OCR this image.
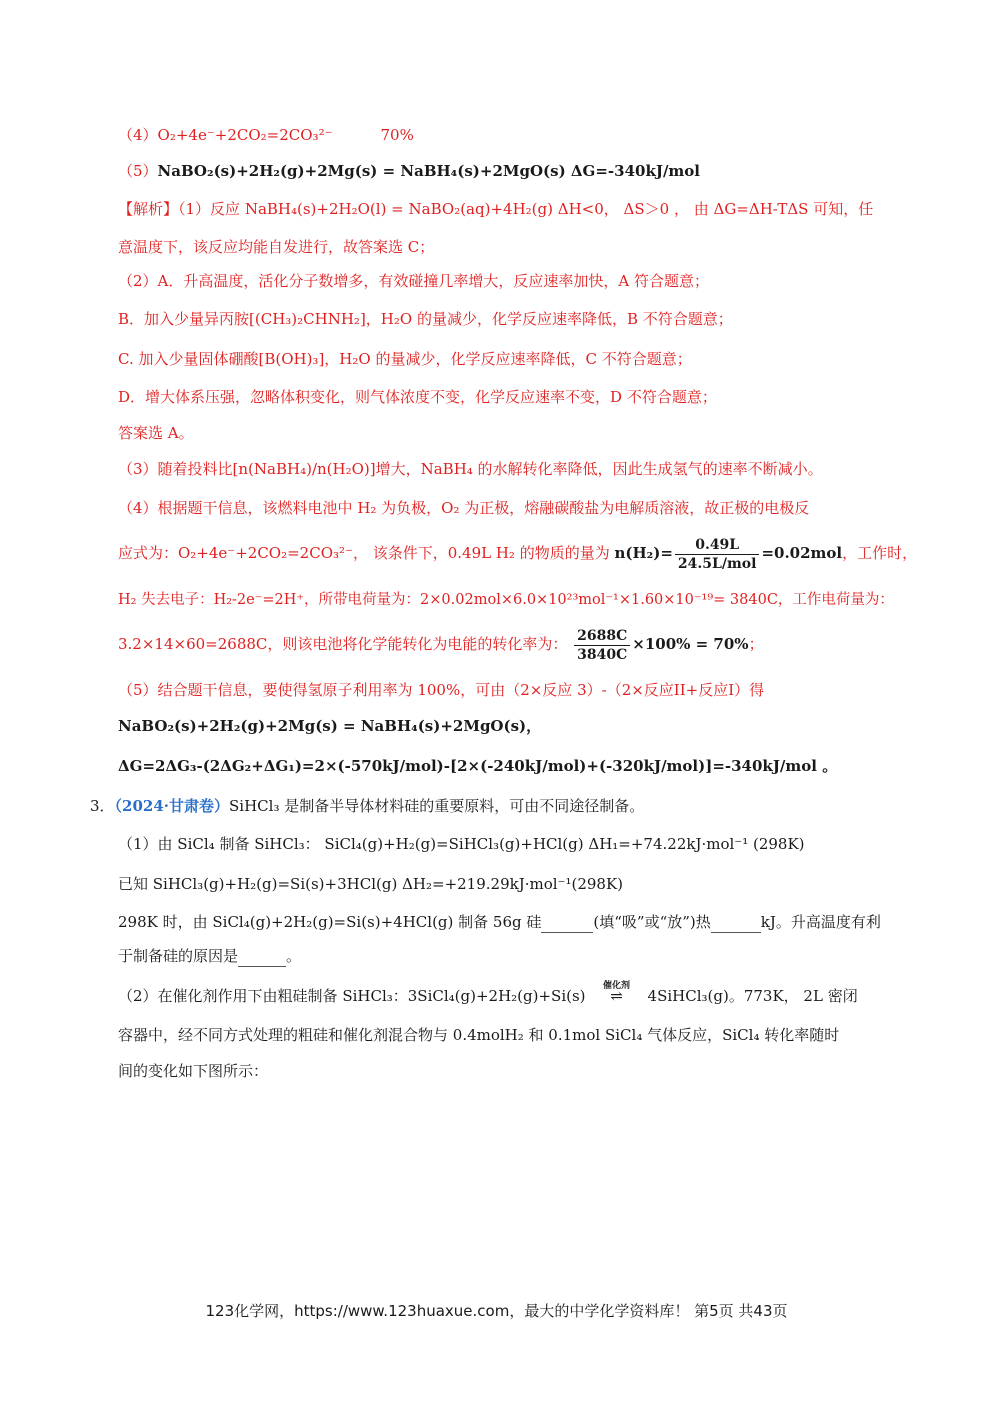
（4）O₂+4e⁻+2CO₂=2CO₃²⁻	70%
（5）NaBO₂(s)+2H₂(g)+2Mg(s) = NaBH₄(s)+2MgO(s) ΔG=-340kJ/mol
【解析】（1）反应 NaBH₄(s)+2H₂O(l) = NaBO₂(aq)+4H₂(g) ΔH<0， ΔS＞0 ， 由 ΔG=ΔH-TΔS 可知，任
意温度下，该反应均能自发进行，故答案选 C；
（2）A．升高温度，活化分子数增多，有效碰撞几率增大，反应速率加快，A 符合题意；
B．加入少量异丙胺[(CH₃)₂CHNH₂]，H₂O 的量减少，化学反应速率降低，B 不符合题意；
C. 加入少量固体硼酸[B(OH)₃]，H₂O 的量减少，化学反应速率降低，C 不符合题意；
D．增大体系压强，忽略体积变化，则气体浓度不变，化学反应速率不变，D 不符合题意；
答案选 A。
（3）随着投料比[n(NaBH₄)/n(H₂O)]增大，NaBH₄ 的水解转化率降低，因此生成氢气的速率不断减小。
（4）根据题干信息，该燃料电池中 H₂ 为负极，O₂ 为正极，熔融碳酸盐为电解质溶液，故正极的电极反
应式为：O₂+4e⁻+2CO₂=2CO₃²⁻， 该条件下，0.49L H₂ 的物质的量为 $n(H_2)= \frac{0.49L}{\text{24.5L/mol}} =0.02mol$，工作时，
H₂ 失去电子：H₂-2e⁻=2H⁺，所带电荷量为：2×0.02mol×6.0×10²³mol⁻¹×1.60×10⁻¹⁹= 3840C，工作电荷量为：
3.2×14×60=2688C，则该电池将化学能转化为电能的转化率为： $\frac{2688C}{3840C} \times 100\% = 70\%$；
（5）结合题干信息，要使得氢原子利用率为 100%，可由（2×反应 3）-（2×反应II+反应I）得
NaBO₂(s)+2H₂(g)+2Mg(s) = NaBH₄(s)+2MgO(s)，
ΔG=2ΔG₃-(2ΔG₂+ΔG₁)=2×(-570kJ/mol)-[2×(-240kJ/mol)+(-320kJ/mol)]=-340kJ/mol 。
3．（2024·甘肃卷）SiHCl₃ 是制备半导体材料硅的重要原料，可由不同途径制备。
（1）由 SiCl₄ 制备 SiHCl₃： SiCl₄(g)+H₂(g)=SiHCl₃(g)+HCl(g) ΔH₁=+74.22kJ·mol⁻¹ (298K)
已知 SiHCl₃(g)+H₂(g)=Si(s)+3HCl(g) ΔH₂=+219.29kJ·mol⁻¹(298K)
298K 时，由 SiCl₄(g)+2H₂(g)=Si(s)+4HCl(g) 制备 56g 硅	(填“吸”或“放”)热	kJ。升高温度有利
于制备硅的原因是	。
（2）在催化剂作用下由粗硅制备 SiHCl₃：3SiCl₄(g)+2H₂(g)+Si(s)
催化剂
⇌ 4SiHCl₃(g)。773K， 2L 密闭
容器中，经不同方式处理的粗硅和催化剂混合物与 0.4molH₂ 和 0.1mol SiCl₄ 气体反应，SiCl₄ 转化率随时
间的变化如下图所示：
123化学网，https://www.123huaxue.com，最大的中学化学资料库！ 第5页 共43页
